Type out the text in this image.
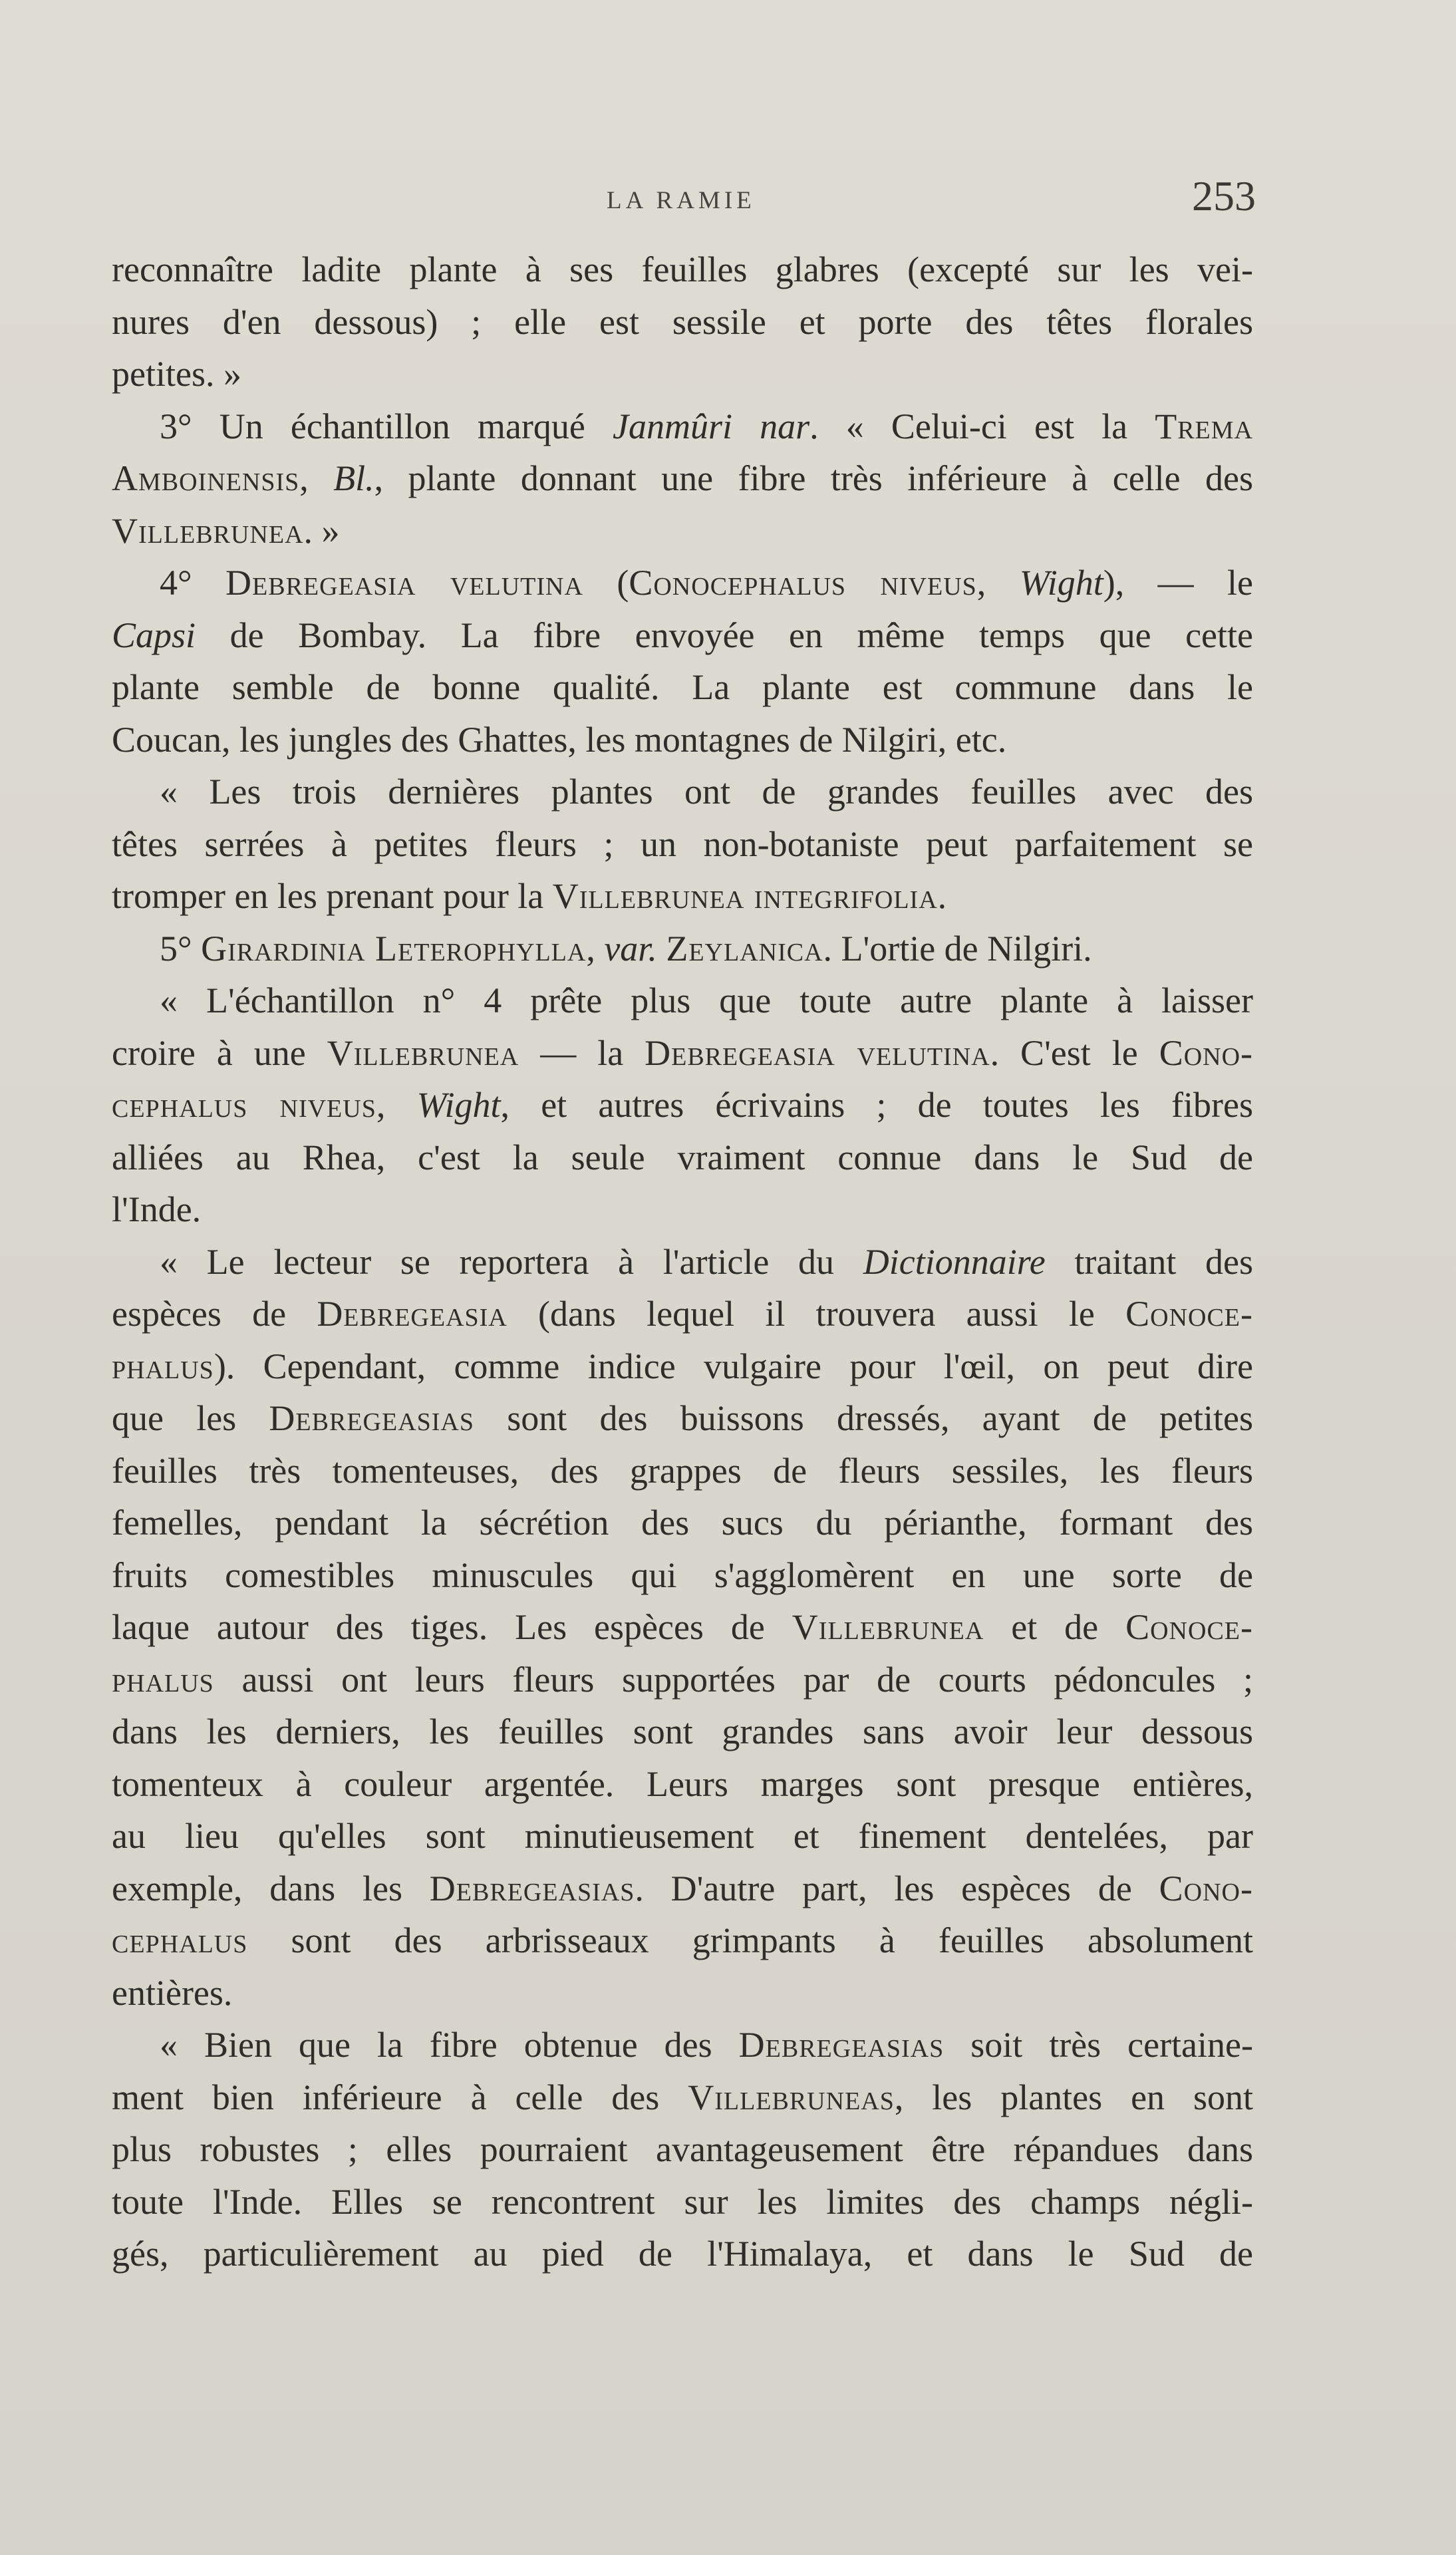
LA RAMIE	253

reconnaître ladite plante à ses feuilles glabres (excepté sur les vei-

nures d'en dessous) ; elle est sessile et porte des têtes florales

petites. »

3° Un échantillon marqué Janmûri nar. « Celui-ci est la Trema

Amboinensis, Bl., plante donnant une fibre très inférieure à celle des

Villebrunea. »

4° Debregeasia velutina (Conocephalus niveus, Wight), — le

Capsi de Bombay. La fibre envoyée en même temps que cette

plante semble de bonne qualité. La plante est commune dans le

Coucan, les jungles des Ghattes, les montagnes de Nilgiri, etc.

« Les trois dernières plantes ont de grandes feuilles avec des

têtes serrées à petites fleurs ; un non-botaniste peut parfaitement se

tromper en les prenant pour la Villebrunea integrifolia.

5° Girardinia Leterophylla, var. Zeylanica. L'ortie de Nilgiri.

« L'échantillon n° 4 prête plus que toute autre plante à laisser

croire à une Villebrunea — la Debregeasia velutina. C'est le Cono-

cephalus niveus, Wight, et autres écrivains ; de toutes les fibres

alliées au Rhea, c'est la seule vraiment connue dans le Sud de

l'Inde.

« Le lecteur se reportera à l'article du Dictionnaire traitant des

espèces de Debregeasia (dans lequel il trouvera aussi le Conoce-

phalus). Cependant, comme indice vulgaire pour l'œil, on peut dire

que les Debregeasias sont des buissons dressés, ayant de petites

feuilles très tomenteuses, des grappes de fleurs sessiles, les fleurs

femelles, pendant la sécrétion des sucs du périanthe, formant des

fruits comestibles minuscules qui s'agglomèrent en une sorte de

laque autour des tiges. Les espèces de Villebrunea et de Conoce-

phalus aussi ont leurs fleurs supportées par de courts pédoncules ;

dans les derniers, les feuilles sont grandes sans avoir leur dessous

tomenteux à couleur argentée. Leurs marges sont presque entières,

au lieu qu'elles sont minutieusement et finement dentelées, par

exemple, dans les Debregeasias. D'autre part, les espèces de Cono-

cephalus sont des arbrisseaux grimpants à feuilles absolument

entières.

« Bien que la fibre obtenue des Debregeasias soit très certaine-

ment bien inférieure à celle des Villebruneas, les plantes en sont

plus robustes ; elles pourraient avantageusement être répandues dans

toute l'Inde. Elles se rencontrent sur les limites des champs négli-

gés, particulièrement au pied de l'Himalaya, et dans le Sud de
